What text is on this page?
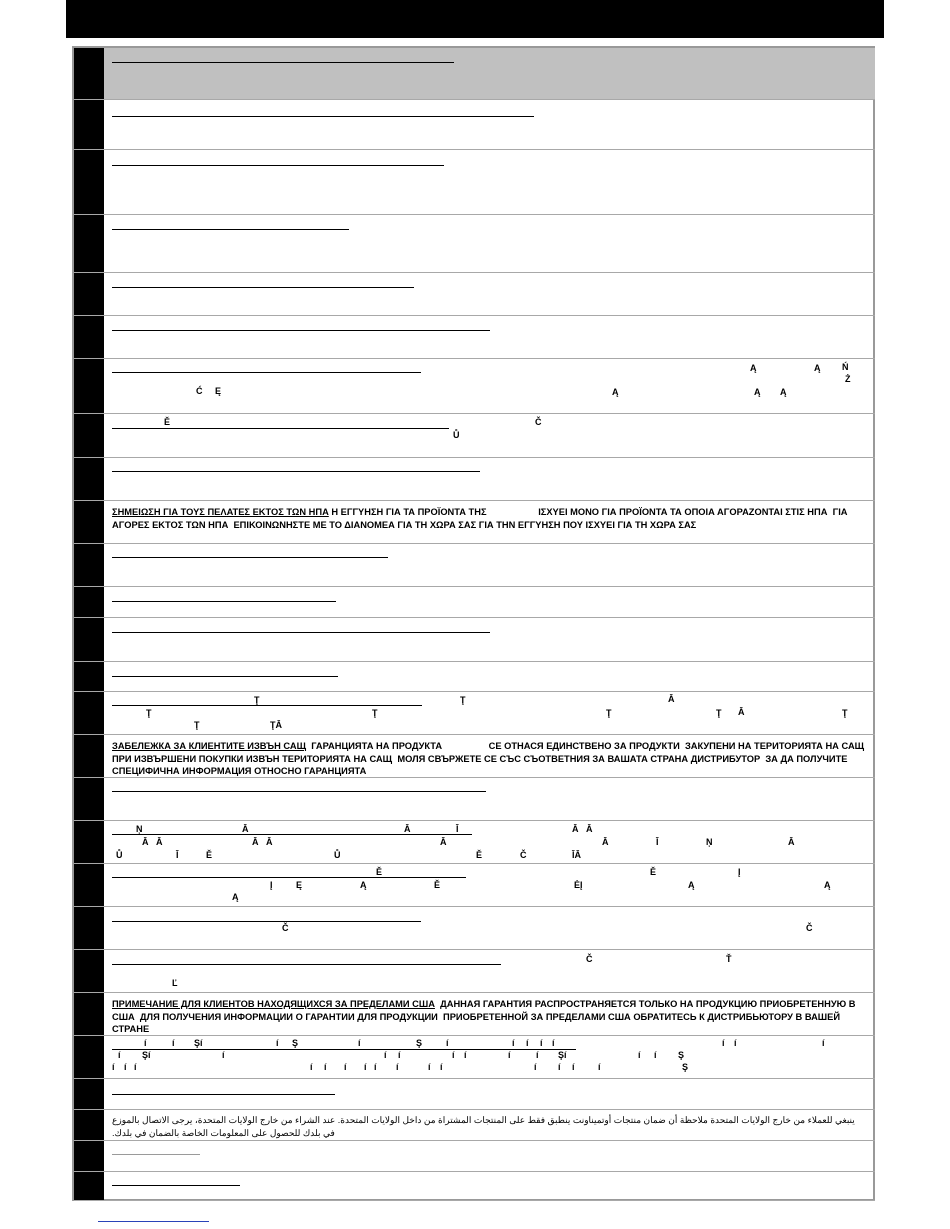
Ą	Ą Ń
Ż
Ć Ę	Ą	Ą Ą
Ě	Č
Ů
ΣΗΜΕΙΩΣΗ ΓΙΑ ΤΟΥΣ ΠΕΛΑΤΕΣ ΕΚΤΟΣ ΤΩΝ ΗΠΑ Η ΕΓΓΥΗΣΗ ΓΙΑ ΤΑ ΠΡΟΪΟΝΤΑ ΤΗΣ                    ΙΣΧΥΕΙ ΜΟΝΟ ΓΙΑ ΠΡΟΪΟΝΤΑ ΤΑ ΟΠΟΙΑ ΑΓΟΡΑΖΟΝΤΑΙ ΣΤΙΣ ΗΠΑ  ΓΙΑ ΑΓΟΡΕΣ ΕΚΤΟΣ ΤΩΝ ΗΠΑ  ΕΠΙΚΟΙΝΩΝΗΣΤΕ ΜΕ ΤΟ ΔΙΑΝΟΜΕΑ ΓΙΑ ΤΗ ΧΩΡΑ ΣΑΣ ΓΙΑ ΤΗΝ ΕΓΓΥΗΣΗ ΠΟΥ ΙΣΧΥΕΙ ΓΙΑ ΤΗ ΧΩΡΑ ΣΑΣ
Ţ	Ţ	Ā
Ţ	Ţ	Ţ	Ţ Ā	Ţ
Ţ	ŢĀ
ЗАБЕЛЕЖКА ЗА КЛИЕНТИТЕ ИЗВЪН САЩ  ГАРАНЦИЯТА НА ПРОДУКТА                  СЕ ОТНАСЯ ЕДИНСТВЕНО ЗА ПРОДУКТИ  ЗАКУПЕНИ НА ТЕРИТОРИЯТА НА САЩ ПРИ ИЗВЪРШЕНИ ПОКУПКИ ИЗВЪН ТЕРИТОРИЯТА НА САЩ  МОЛЯ СВЪРЖЕТЕ СЕ СЪС СЪОТВЕТНИЯ ЗА ВАШАТА СТРАНА ДИСТРИБУТОР  ЗА ДА ПОЛУЧИТЕ СПЕЦИФИЧНА ИНФОРМАЦИЯ ОТНОСНО ГАРАНЦИЯТА
Ņ	Ā	Ā	Ī	Ā Ā
Ā Ā	Ā	Ā	Ī	Ņ	Ā
Ā Ā
Ů	Ī	Ě	Ů	Ě	Č	ĪĀ
Ě	Ě	Į
Į	Ę	Ą	Ě	ĖĮ	Ą	Ą
Ą
Č	Č
Č	Ť
Ľ
ПРИМЕЧАНИЕ ДЛЯ КЛИЕНТОВ НАХОДЯЩИХСЯ ЗА ПРЕДЕЛАМИ США  ДАННАЯ ГАРАНТИЯ РАСПРОСТРАНЯЕТСЯ ТОЛЬКО НА ПРОДУКЦИЮ ПРИОБРЕТЕННУЮ В США  ДЛЯ ПОЛУЧЕНИЯ ИНФОРМАЦИИ О ГАРАНТИИ ДЛЯ ПРОДУКЦИИ  ПРИОБРЕТЕННОЙ ЗА ПРЕДЕЛАМИ США ОБРАТИТЕСЬ К ДИСТРИБЬЮТОРУ В ВАШЕЙ СТРАНЕ
í	í Şí	í Ş	í	Ş	í	í í í í	í í	í
í Şí	í	í í	í í	í	í Şí	í í Ş
í í í	í í í í í í	í í	í í í	í	Ş
ينبغي للعملاء من خارج الولايات المتحدة ملاحظة أن ضمان منتجات أوتميناونت ينطبق فقط على المنتجات المشتراة من داخل الولايات المتحدة. عند الشراء من خارج الولايات المتحدة، يرجى الاتصال بالموزع في بلدك للحصول على المعلومات الخاصة بالضمان في بلدك.
